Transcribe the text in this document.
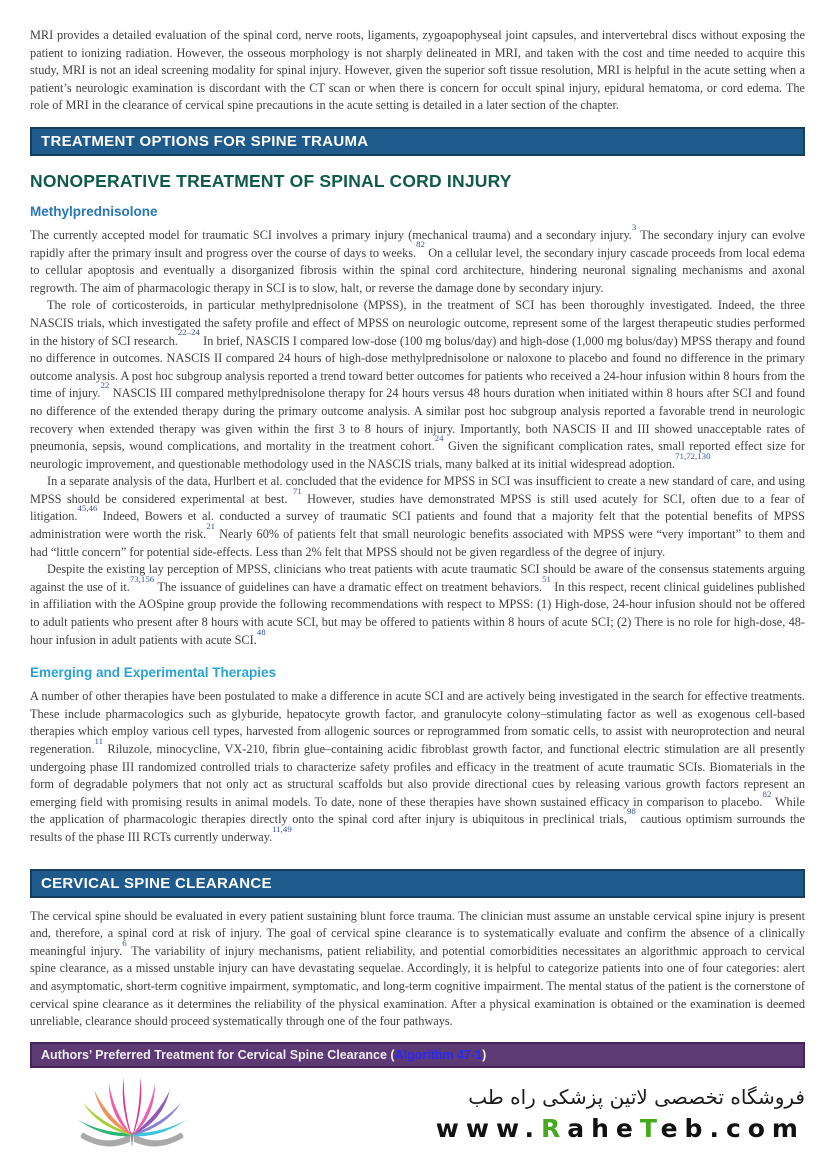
MRI provides a detailed evaluation of the spinal cord, nerve roots, ligaments, zygoapophyseal joint capsules, and intervertebral discs without exposing the patient to ionizing radiation. However, the osseous morphology is not sharply delineated in MRI, and taken with the cost and time needed to acquire this study, MRI is not an ideal screening modality for spinal injury. However, given the superior soft tissue resolution, MRI is helpful in the acute setting when a patient’s neurologic examination is discordant with the CT scan or when there is concern for occult spinal injury, epidural hematoma, or cord edema. The role of MRI in the clearance of cervical spine precautions in the acute setting is detailed in a later section of the chapter.

TREATMENT OPTIONS FOR SPINE TRAUMA
NONOPERATIVE TREATMENT OF SPINAL CORD INJURY
Methylprednisolone

The currently accepted model for traumatic SCI involves a primary injury (mechanical trauma) and a secondary injury.$^3$ The secondary injury can evolve rapidly after the primary insult and progress over the course of days to weeks.$^{82}$ On a cellular level, the secondary injury cascade proceeds from local edema to cellular apoptosis and eventually a disorganized fibrosis within the spinal cord architecture, hindering neuronal signaling mechanisms and axonal regrowth. The aim of pharmacologic therapy in SCI is to slow, halt, or reverse the damage done by secondary injury.

The role of corticosteroids, in particular methylprednisolone (MPSS), in the treatment of SCI has been thoroughly investigated. Indeed, the three NASCIS trials, which investigated the safety profile and effect of MPSS on neurologic outcome, represent some of the largest therapeutic studies performed in the history of SCI research.$^{22-24}$ In brief, NASCIS I compared low-dose (100 mg bolus/day) and high-dose (1,000 mg bolus/day) MPSS therapy and found no difference in outcomes. NASCIS II compared 24 hours of high-dose methylprednisolone or naloxone to placebo and found no difference in the primary outcome analysis. A post hoc subgroup analysis reported a trend toward better outcomes for patients who received a 24-hour infusion within 8 hours from the time of injury.$^{22}$ NASCIS III compared methylprednisolone therapy for 24 hours versus 48 hours duration when initiated within 8 hours after SCI and found no difference of the extended therapy during the primary outcome analysis. A similar post hoc subgroup analysis reported a favorable trend in neurologic recovery when extended therapy was given within the first 3 to 8 hours of injury. Importantly, both NASCIS II and III showed unacceptable rates of pneumonia, sepsis, wound complications, and mortality in the treatment cohort.$^{24}$ Given the significant complication rates, small reported effect size for neurologic improvement, and questionable methodology used in the NASCIS trials, many balked at its initial widespread adoption.$^{71,72,130}$

In a separate analysis of the data, Hurlbert et al. concluded that the evidence for MPSS in SCI was insufficient to create a new standard of care, and using MPSS should be considered experimental at best. $^{71}$ However, studies have demonstrated MPSS is still used acutely for SCI, often due to a fear of litigation.$^{45,46}$ Indeed, Bowers et al. conducted a survey of traumatic SCI patients and found that a majority felt that the potential benefits of MPSS administration were worth the risk.$^{21}$ Nearly 60% of patients felt that small neurologic benefits associated with MPSS were “very important” to them and had “little concern” for potential side-effects. Less than 2% felt that MPSS should not be given regardless of the degree of injury.

Despite the existing lay perception of MPSS, clinicians who treat patients with acute traumatic SCI should be aware of the consensus statements arguing against the use of it.$^{73,156}$ The issuance of guidelines can have a dramatic effect on treatment behaviors.$^{51}$ In this respect, recent clinical guidelines published in affiliation with the AOSpine group provide the following recommendations with respect to MPSS: (1) High-dose, 24-hour infusion should not be offered to adult patients who present after 8 hours with acute SCI, but may be offered to patients within 8 hours of acute SCI; (2) There is no role for high-dose, 48-hour infusion in adult patients with acute SCI.$^{48}$

Emerging and Experimental Therapies

A number of other therapies have been postulated to make a difference in acute SCI and are actively being investigated in the search for effective treatments. These include pharmacologics such as glyburide, hepatocyte growth factor, and granulocyte colony–stimulating factor as well as exogenous cell-based therapies which employ various cell types, harvested from allogenic sources or reprogrammed from somatic cells, to assist with neuroprotection and neural regeneration.$^{11}$ Riluzole, minocycline, VX-210, fibrin glue–containing acidic fibroblast growth factor, and functional electric stimulation are all presently undergoing phase III randomized controlled trials to characterize safety profiles and efficacy in the treatment of acute traumatic SCIs. Biomaterials in the form of degradable polymers that not only act as structural scaffolds but also provide directional cues by releasing various growth factors represent an emerging field with promising results in animal models. To date, none of these therapies have shown sustained efficacy in comparison to placebo.$^{82}$ While the application of pharmacologic therapies directly onto the spinal cord after injury is ubiquitous in preclinical trials,$^{98}$ cautious optimism surrounds the results of the phase III RCTs currently underway.$^{11,49}$

CERVICAL SPINE CLEARANCE

The cervical spine should be evaluated in every patient sustaining blunt force trauma. The clinician must assume an unstable cervical spine injury is present and, therefore, a spinal cord at risk of injury. The goal of cervical spine clearance is to systematically evaluate and confirm the absence of a clinically meaningful injury.$^6$ The variability of injury mechanisms, patient reliability, and potential comorbidities necessitates an algorithmic approach to cervical spine clearance, as a missed unstable injury can have devastating sequelae. Accordingly, it is helpful to categorize patients into one of four categories: alert and asymptomatic, short-term cognitive impairment, symptomatic, and long-term cognitive impairment. The mental status of the patient is the cornerstone of cervical spine clearance as it determines the reliability of the physical examination. After a physical examination is obtained or the examination is deemed unreliable, clearance should proceed systematically through one of the four pathways.

Authors’ Preferred Treatment for Cervical Spine Clearance (Algorithm 47-1)
فروشگاه تخصصی لاتین پزشکی راه طب
www.RaheTeb.com
